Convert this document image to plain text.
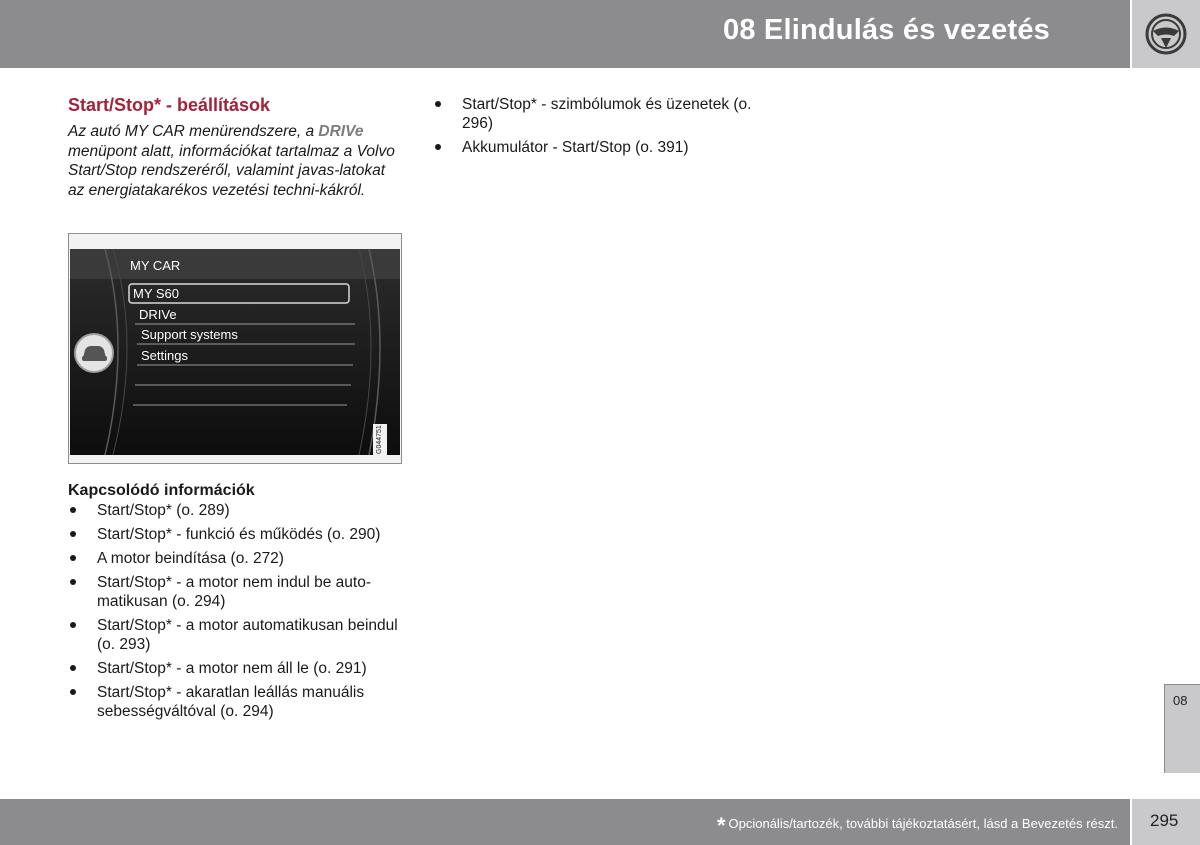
08 Elindulás és vezetés
Start/Stop* - beállítások

Az autó MY CAR menürendszere, a DRIVe menüpont alatt, információkat tartalmaz a Volvo Start/Stop rendszeréről, valamint javas-latokat az energiatakarékos vezetési techni-kákról.

MY CAR
MY S60
DRIVe
Support systems
Settings
G044751
Kapcsolódó információk
Start/Stop* (o. 289)
Start/Stop* - funkció és működés (o. 290)
A motor beindítása (o. 272)
Start/Stop* - a motor nem indul be auto-matikusan (o. 294)
Start/Stop* - a motor automatikusan beindul (o. 293)
Start/Stop* - a motor nem áll le (o. 291)
Start/Stop* - akaratlan leállás manuális sebességváltóval (o. 294)
Start/Stop* - szimbólumok és üzenetek (o. 296)
Akkumulátor - Start/Stop (o. 391)
08
* Opcionális/tartozék, további tájékoztatásért, lásd a Bevezetés részt. 295
